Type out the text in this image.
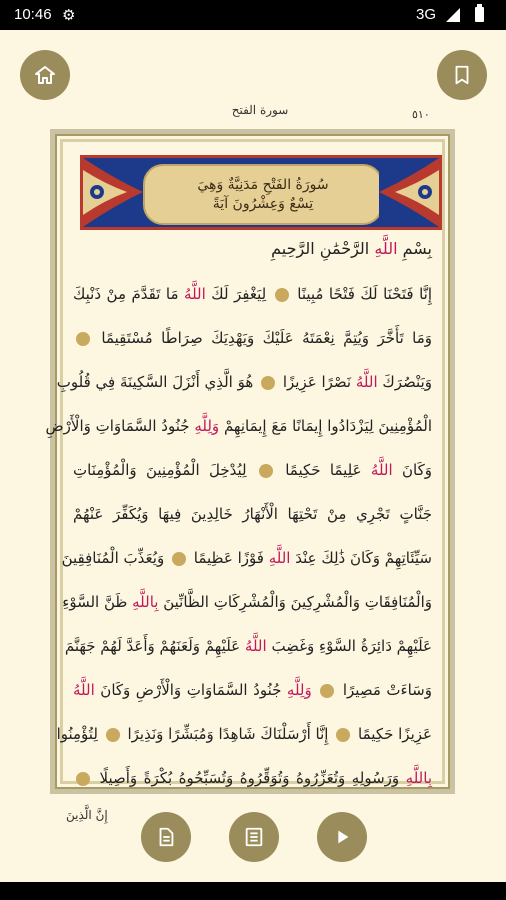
10:46 ⚙	3G
سورة الفتح	٥١٠
سُورَةُ الفَتْحِ مَدَنِيَّةٌ وَهِيَ
تِسْعٌ وَعِشْرُونَ آيَةً
بِسْمِ اللَّهِ الرَّحْمَٰنِ الرَّحِيمِ
إِنَّا فَتَحْنَا لَكَ فَتْحًا مُبِينًا  لِيَغْفِرَ لَكَ اللَّهُ مَا تَقَدَّمَ مِنْ ذَنْبِكَ
وَمَا تَأَخَّرَ وَيُتِمَّ نِعْمَتَهُ عَلَيْكَ وَيَهْدِيَكَ صِرَاطًا مُسْتَقِيمًا
وَيَنْصُرَكَ اللَّهُ نَصْرًا عَزِيزًا  هُوَ الَّذِي أَنْزَلَ السَّكِينَةَ فِي قُلُوبِ
الْمُؤْمِنِينَ لِيَزْدَادُوا إِيمَانًا مَعَ إِيمَانِهِمْ وَلِلَّهِ جُنُودُ السَّمَاوَاتِ وَالْأَرْضِ
وَكَانَ اللَّهُ عَلِيمًا حَكِيمًا  لِيُدْخِلَ الْمُؤْمِنِينَ وَالْمُؤْمِنَاتِ
جَنَّاتٍ تَجْرِي مِنْ تَحْتِهَا الْأَنْهَارُ خَالِدِينَ فِيهَا وَيُكَفِّرَ عَنْهُمْ
سَيِّئَاتِهِمْ وَكَانَ ذَٰلِكَ عِنْدَ اللَّهِ فَوْزًا عَظِيمًا  وَيُعَذِّبَ الْمُنَافِقِينَ
وَالْمُنَافِقَاتِ وَالْمُشْرِكِينَ وَالْمُشْرِكَاتِ الظَّانِّينَ بِاللَّهِ ظَنَّ السَّوْءِ
عَلَيْهِمْ دَائِرَةُ السَّوْءِ وَغَضِبَ اللَّهُ عَلَيْهِمْ وَلَعَنَهُمْ وَأَعَدَّ لَهُمْ جَهَنَّمَ
وَسَاءَتْ مَصِيرًا  وَلِلَّهِ جُنُودُ السَّمَاوَاتِ وَالْأَرْضِ وَكَانَ اللَّهُ
عَزِيزًا حَكِيمًا  إِنَّا أَرْسَلْنَاكَ شَاهِدًا وَمُبَشِّرًا وَنَذِيرًا  لِتُؤْمِنُوا
بِاللَّهِ وَرَسُولِهِ وَتُعَزِّرُوهُ وَتُوَقِّرُوهُ وَتُسَبِّحُوهُ بُكْرَةً وَأَصِيلًا
إِنَّ الَّذِينَ
